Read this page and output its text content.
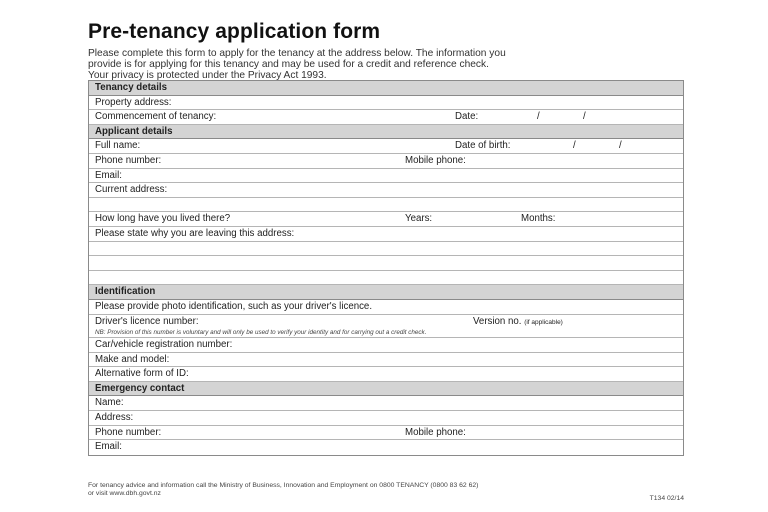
Pre-tenancy application form
Please complete this form to apply for the tenancy at the address below. The information you
provide is for applying for this tenancy and may be used for a credit and reference check.
Your privacy is protected under the Privacy Act 1993.
Tenancy details
Property address:
Commencement of tenancy:	Date:	/	/
Applicant details
Full name:	Date of birth:	/	/
Phone number:	Mobile phone:
Email:
Current address:
How long have you lived there?	Years:	Months:
Please state why you are leaving this address:
Identification
Please provide photo identification, such as your driver's licence.
Driver's licence number:	Version no. (if applicable)
NB: Provision of this number is voluntary and will only be used to verify your identity and for carrying out a credit check.
Car/vehicle registration number:
Make and model:
Alternative form of ID:
Emergency contact
Name:
Address:
Phone number:	Mobile phone:
Email:
For tenancy advice and information call the Ministry of Business, Innovation and Employment on 0800 TENANCY (0800 83 62 62)
or visit www.dbh.govt.nz
T134 02/14
